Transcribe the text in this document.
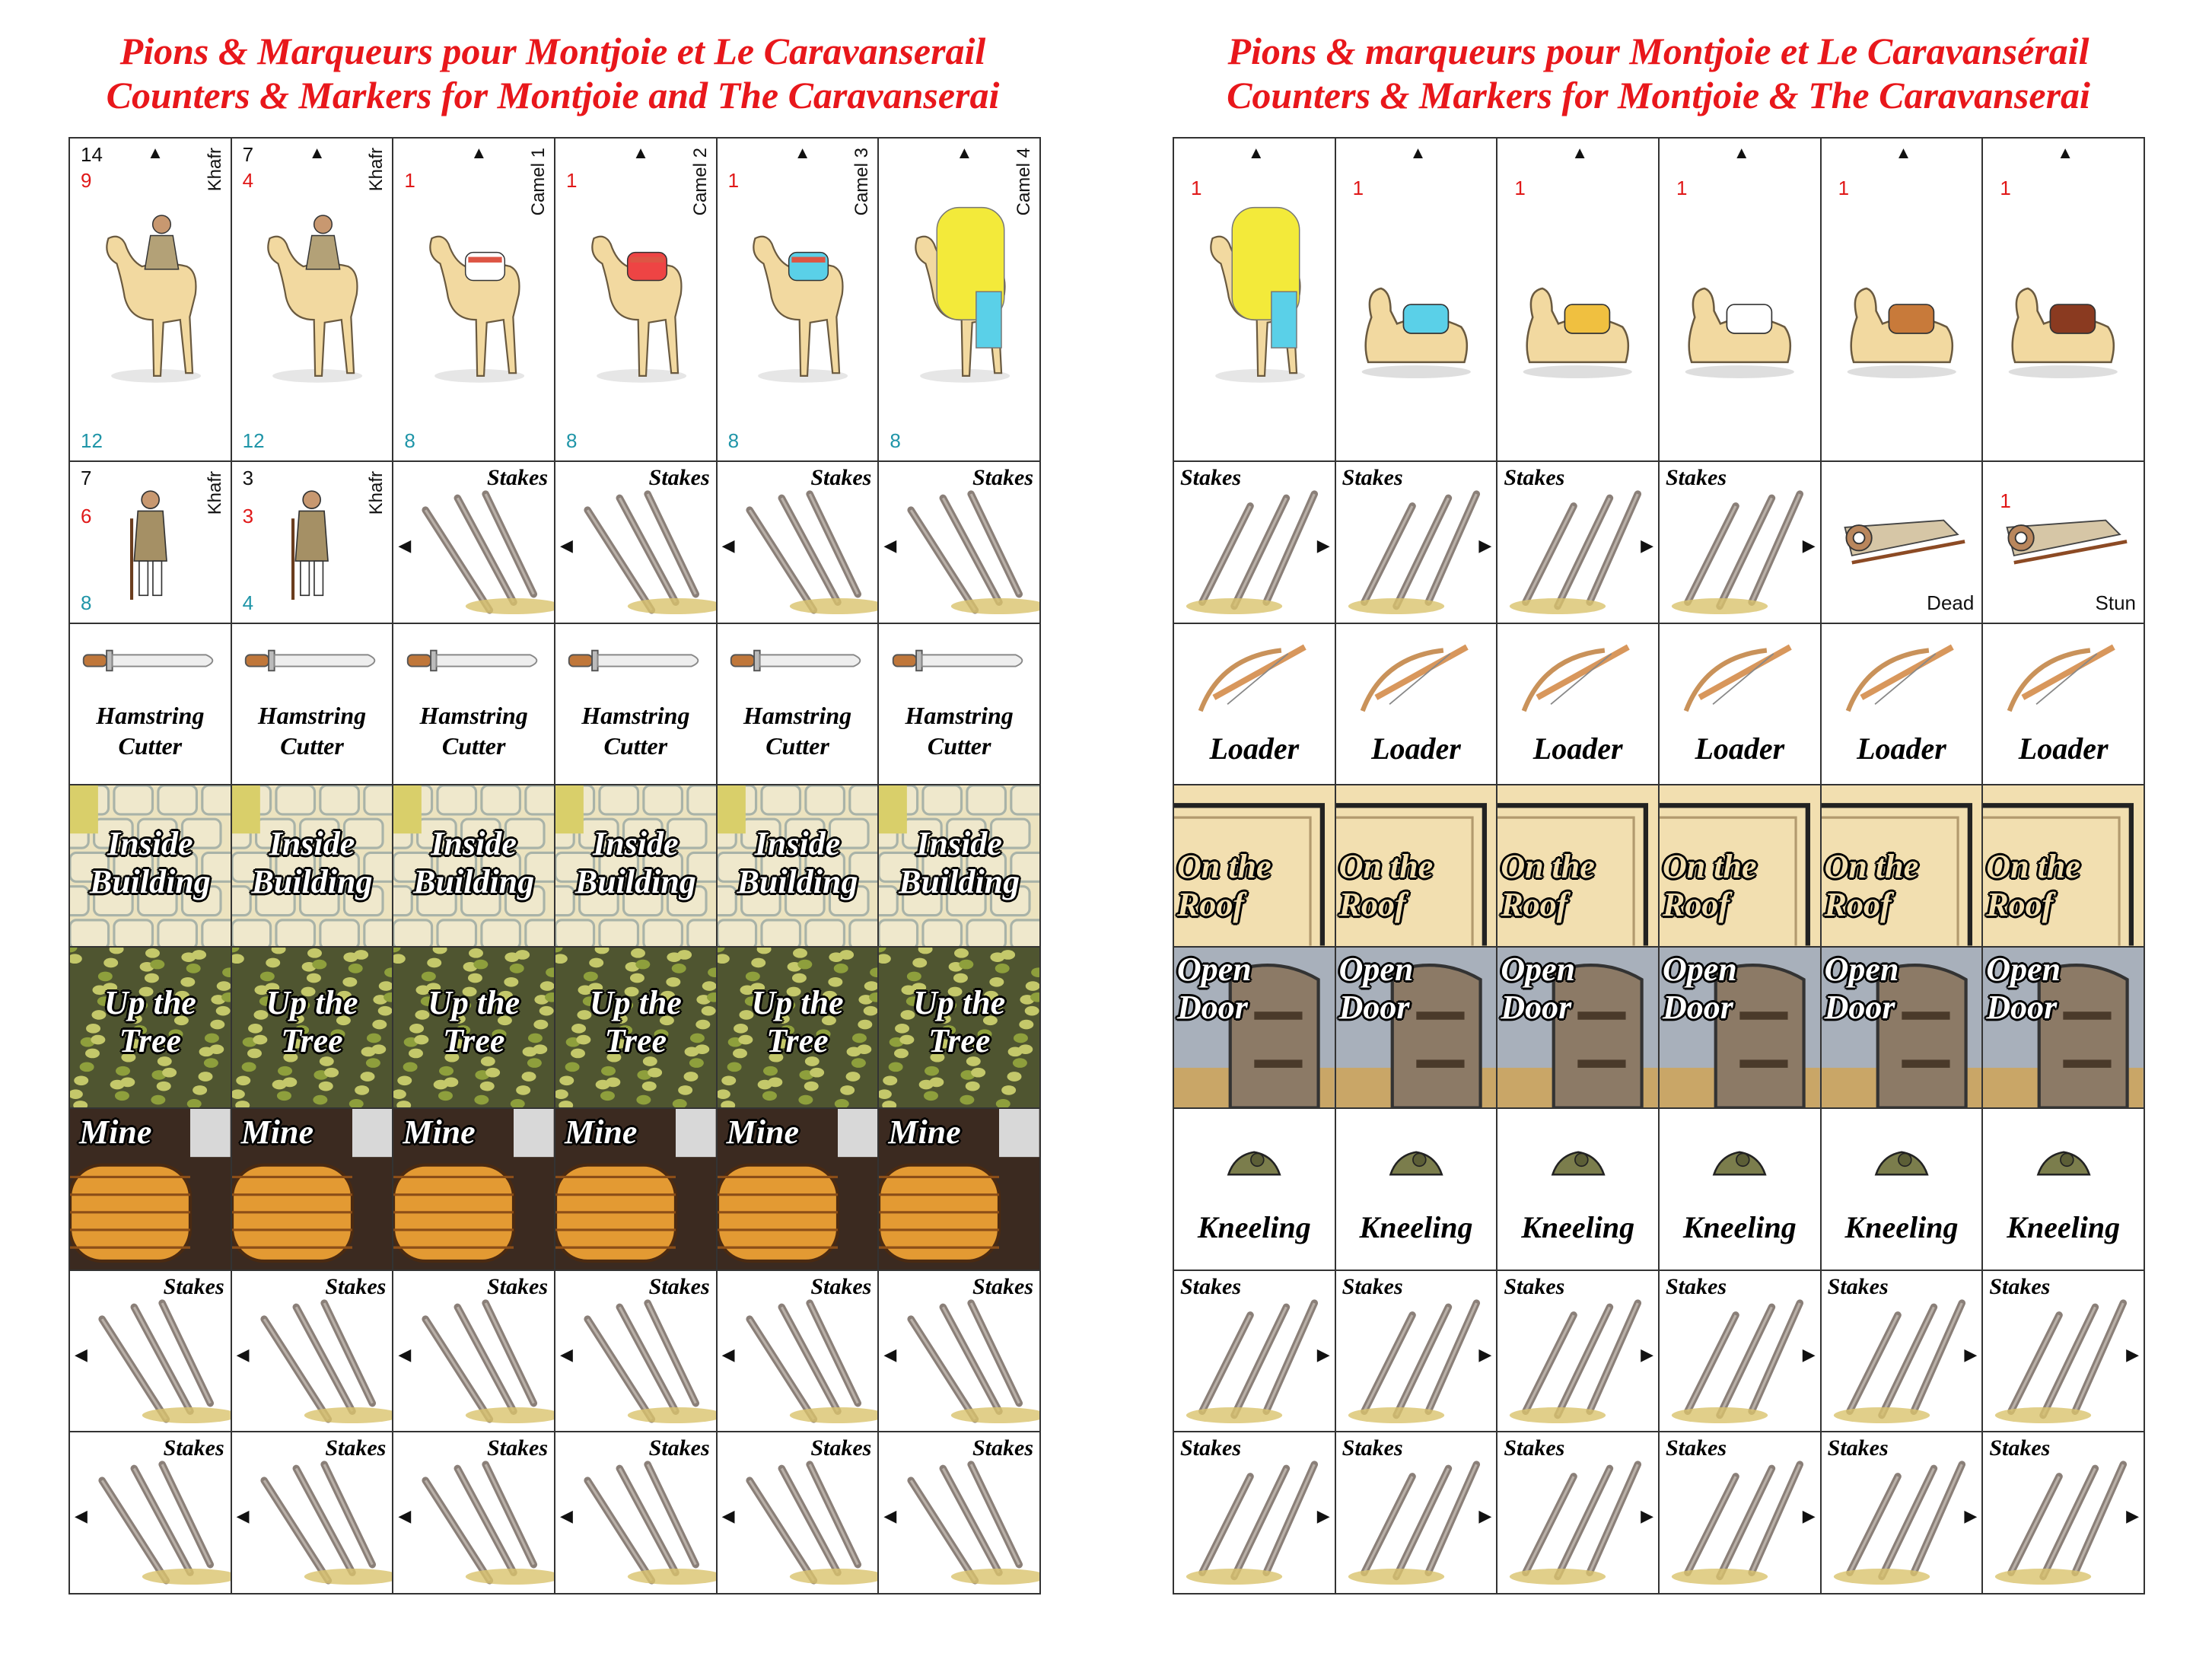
Pions & Marqueurs pour Montjoie et Le Caravanserail
Counters & Markers for Montjoie and The Caravanserai
14	▲
9
12
Khafr 7	▲
4
12
Khafr	▲
1
8
Camel 1	▲
1
8
Camel 2	▲
1
8
Camel 3	▲
8
Camel 4
7
6
8
Khafr 3
3
4
Khafr	Stakes
◀
Stakes
◀
Stakes
◀
Stakes
◀
Hamstring
Cutter
Hamstring
Cutter
Hamstring
Cutter
Hamstring
Cutter
Hamstring
Cutter
Hamstring
Cutter
Inside
Building
Inside
Building
Inside
Building
Inside
Building
Inside
Building
Inside
Building
Up the
Tree
Up the
Tree
Up the
Tree
Up the
Tree
Up the
Tree
Up the
Tree
Mine	Mine	Mine	Mine	Mine	Mine
Stakes
◀
Stakes
◀
Stakes
◀
Stakes
◀
Stakes
◀
Stakes
◀
Stakes
◀
Stakes
◀
Stakes
◀
Stakes
◀
Stakes
◀
Stakes
◀
Pions & marqueurs pour Montjoie et Le Caravansérail
Counters & Markers for Montjoie & The Caravanserai
▲
1
▲
1
▲
1
▲
1
▲
1
▲
1
Stakes
▶
Stakes
▶
Stakes
▶
Stakes
▶
Dead
1
Stun
Loader	Loader	Loader	Loader	Loader	Loader
On the
Roof
On the
Roof
On the
Roof
On the
Roof
On the
Roof
On the
Roof
Open
Door
Open
Door
Open
Door
Open
Door
Open
Door
Open
Door
Kneeling	Kneeling	Kneeling	Kneeling	Kneeling	Kneeling
Stakes
▶
Stakes
▶
Stakes
▶
Stakes
▶
Stakes
▶
Stakes
▶
Stakes
▶
Stakes
▶
Stakes
▶
Stakes
▶
Stakes
▶
Stakes
▶
